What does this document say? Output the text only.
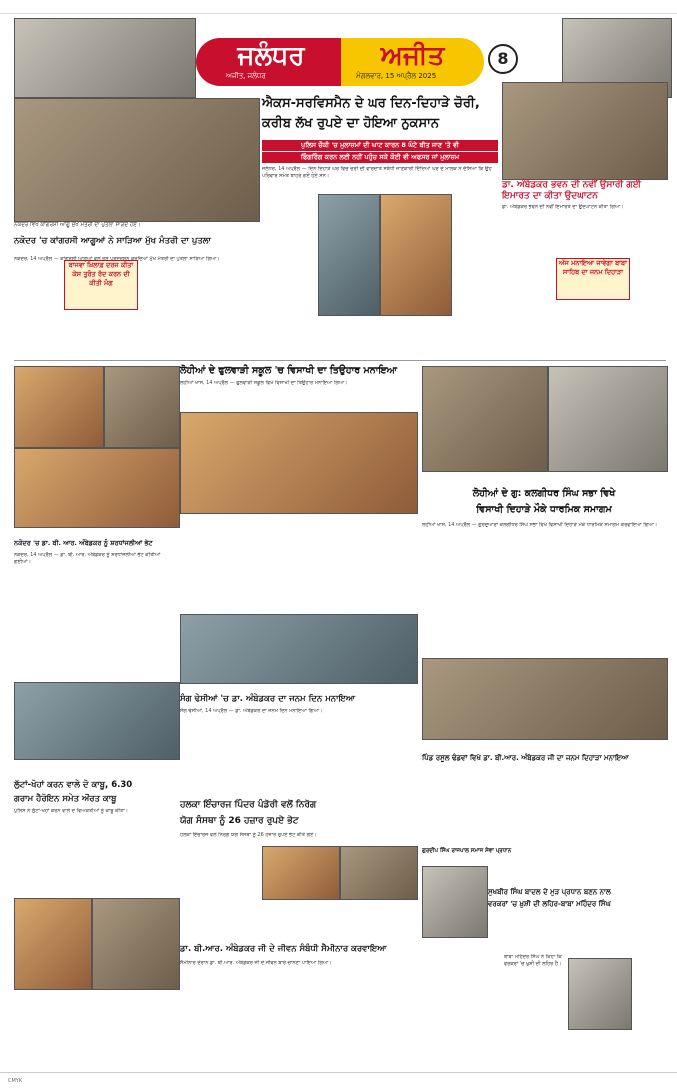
ਜਲੰਧਰ	ਅਜੀਤ
ਅਜੀਤ, ਜਲੰਧਰ	ਮੰਗਲਵਾਰ, 15 ਅਪ੍ਰੈਲ 2025
8
ਨਕੋਦਰ ਵਿਖੇ ਕਾਂਗਰਸੀ ਆਗੂ ਮੁੱਖ ਮੰਤਰੀ ਦਾ ਪੁਤਲਾ ਸਾੜਦੇ ਹੋਏ।
ਐਕਸ-ਸਰਵਿਸਮੈਨ ਦੇ ਘਰ ਦਿਨ-ਦਿਹਾੜੇ ਚੋਰੀ,
ਕਰੀਬ ਲੱਖ ਰੁਪਏ ਦਾ ਹੋਇਆ ਨੁਕਸਾਨ
ਪੁਲਿਸ ਚੌਕੀ 'ਚ ਮੁਲਾਜ਼ਮਾਂ ਦੀ ਘਾਟ ਕਾਰਨ 8 ਘੰਟੇ ਬੀਤ ਜਾਣ 'ਤੇ ਵੀ
ਫਿੰਗਰਿੰਗ ਕਰਨ ਲਈ ਨਹੀਂ ਪਹੁੰਚ ਸਕੇ ਕੋਈ ਵੀ ਅਫਸਰ ਜਾਂ ਮੁਲਾਜ਼ਮ
ਜਲੰਧਰ, 14 ਅਪ੍ਰੈਲ — ਦਿਨ ਦਿਹਾੜੇ ਘਰ ਵਿਚ ਚੋਰੀ ਦੀ ਵਾਰਦਾਤ ਸਬੰਧੀ ਜਾਣਕਾਰੀ ਦਿੰਦਿਆਂ ਘਰ ਦੇ ਮਾਲਕ ਨੇ ਦੱਸਿਆ ਕਿ ਉਹ ਪਰਿਵਾਰ ਸਮੇਤ ਬਾਹਰ ਗਏ ਹੋਏ ਸਨ।
ਡਾ. ਅੰਬੇਡਕਰ ਭਵਨ ਦੀ ਨਵੀਂ ਉਸਾਰੀ ਗਈ ਇਮਾਰਤ ਦਾ ਕੀਤਾ ਉਦਘਾਟਨ
ਅੱਜ ਮਨਾਇਆ ਜਾਵੇਗਾ ਬਾਬਾ ਸਾਹਿਬ ਦਾ ਜਨਮ ਦਿਹਾੜਾ
ਡਾ. ਅੰਬੇਡਕਰ ਭਵਨ ਦੀ ਨਵੀਂ ਇਮਾਰਤ ਦਾ ਉਦਘਾਟਨ ਕੀਤਾ ਗਿਆ।
ਨਕੋਦਰ 'ਚ ਕਾਂਗਰਸੀ ਆਗੂਆਂ ਨੇ ਸਾੜਿਆ ਮੁੱਖ ਮੰਤਰੀ ਦਾ ਪੁਤਲਾ
ਬਾਜਵਾ ਖ਼ਿਲਾਫ਼ ਦਰਜ ਕੀਤਾ ਕੇਸ ਤੁਰੰਤ ਰੱਦ ਕਰਨ ਦੀ ਕੀਤੀ ਮੰਗ
ਨਕੋਦਰ, 14 ਅਪ੍ਰੈਲ — ਕਾਂਗਰਸੀ ਆਗੂਆਂ ਵਲੋਂ ਰੋਸ ਪ੍ਰਦਰਸ਼ਨ ਕਰਦਿਆਂ ਮੁੱਖ ਮੰਤਰੀ ਦਾ ਪੁਤਲਾ ਸਾੜਿਆ ਗਿਆ।
ਨਕੋਦਰ 'ਚ ਡਾ. ਬੀ. ਆਰ. ਅੰਬੇਡਕਰ ਨੂੰ ਸ਼ਰਧਾਂਜਲੀਆਂ ਭੇਟ
ਨਕੋਦਰ, 14 ਅਪ੍ਰੈਲ — ਡਾ. ਬੀ. ਆਰ. ਅੰਬੇਡਕਰ ਨੂੰ ਸ਼ਰਧਾਂਜਲੀਆਂ ਭੇਟ ਕੀਤੀਆਂ ਗਈਆਂ।
ਲੋਹੀਆਂ ਦੇ ਫੁਲਵਾੜੀ ਸਕੂਲ 'ਚ ਵਿਸਾਖੀ ਦਾ ਤਿਉਹਾਰ ਮਨਾਇਆ
ਲੋਹੀਆਂ ਖਾਸ, 14 ਅਪ੍ਰੈਲ — ਫੁਲਵਾੜੀ ਸਕੂਲ ਵਿਖੇ ਵਿਸਾਖੀ ਦਾ ਤਿਉਹਾਰ ਮਨਾਇਆ ਗਿਆ।
ਲੋਹੀਆਂ ਦੇ ਗੁ: ਕਲਗੀਧਰ ਸਿੰਘ ਸਭਾ ਵਿਖੇ
ਵਿਸਾਖੀ ਦਿਹਾੜੇ ਮੌਕੇ ਧਾਰਮਿਕ ਸਮਾਗਮ
ਲੋਹੀਆਂ ਖਾਸ, 14 ਅਪ੍ਰੈਲ — ਗੁਰਦੁਆਰਾ ਕਲਗੀਧਰ ਸਿੰਘ ਸਭਾ ਵਿਖੇ ਵਿਸਾਖੀ ਦਿਹਾੜੇ ਮੌਕੇ ਧਾਰਮਿਕ ਸਮਾਗਮ ਕਰਵਾਇਆ ਗਿਆ।
ਪਿੰਡ ਰਸੂਲ ਢੰਡਵਾਂ ਵਿਖੇ ਡਾ. ਬੀ.ਆਰ. ਅੰਬੇਡਕਰ ਜੀ ਦਾ ਜਨਮ ਦਿਹਾੜਾ ਮਨਾਇਆ
ਲੁੱਟਾਂ-ਖੋਹਾਂ ਕਰਨ ਵਾਲੇ ਦੋ ਕਾਬੂ, 6.30
ਗਰਾਮ ਹੈਰੋਇਨ ਸਮੇਤ ਔਰਤ ਕਾਬੂ
ਪੁਲਿਸ ਨੇ ਲੁੱਟਾਂ-ਖੋਹਾਂ ਕਰਨ ਵਾਲੇ ਦੋ ਵਿਅਕਤੀਆਂ ਨੂੰ ਕਾਬੂ ਕੀਤਾ।
ਸੰਗ ਢੇਸੀਆਂ 'ਚ ਡਾ. ਅੰਬੇਡਕਰ ਦਾ ਜਨਮ ਦਿਨ ਮਨਾਇਆ
ਸੰਗ ਢੇਸੀਆਂ, 14 ਅਪ੍ਰੈਲ — ਡਾ. ਅੰਬੇਡਕਰ ਦਾ ਜਨਮ ਦਿਨ ਮਨਾਇਆ ਗਿਆ।
ਹਲਕਾ ਇੰਚਾਰਜ ਪਿੰਦਰ ਪੰਡੋਰੀ ਵਲੋਂ ਨਿਰੋਗ
ਯੋਗ ਸੰਸਥਾ ਨੂੰ 26 ਹਜ਼ਾਰ ਰੁਪਏ ਭੇਟ
ਹਲਕਾ ਇੰਚਾਰਜ ਵਲੋਂ ਨਿਰੋਗ ਯੋਗ ਸੰਸਥਾ ਨੂੰ 26 ਹਜ਼ਾਰ ਰੁਪਏ ਭੇਟ ਕੀਤੇ ਗਏ।
ਗੁਰਦੀਪ ਸਿੰਘ ਰਾਜਪਾਲ ਸਮਾਜ ਸੇਵਾ ਪ੍ਰਧਾਨ
ਸੁਖਬੀਰ ਸਿੰਘ ਬਾਦਲ ਦੇ ਮੁੜ ਪ੍ਰਧਾਨ ਬਣਨ ਨਾਲ
ਵਰਕਰਾਂ 'ਚ ਖ਼ੁਸ਼ੀ ਦੀ ਲਹਿਰ-ਬਾਬਾ ਮਹਿੰਦਰ ਸਿੰਘ
ਬਾਬਾ ਮਹਿੰਦਰ ਸਿੰਘ ਨੇ ਕਿਹਾ ਕਿ ਵਰਕਰਾਂ 'ਚ ਖ਼ੁਸ਼ੀ ਦੀ ਲਹਿਰ ਹੈ।
ਡਾ. ਬੀ.ਆਰ. ਅੰਬੇਡਕਰ ਜੀ ਦੇ ਜੀਵਨ ਸੰਬੰਧੀ ਸੈਮੀਨਾਰ ਕਰਵਾਇਆ
ਸੈਮੀਨਾਰ ਦੌਰਾਨ ਡਾ. ਬੀ.ਆਰ. ਅੰਬੇਡਕਰ ਜੀ ਦੇ ਜੀਵਨ ਬਾਰੇ ਚਾਨਣਾ ਪਾਇਆ ਗਿਆ।
CMYK
